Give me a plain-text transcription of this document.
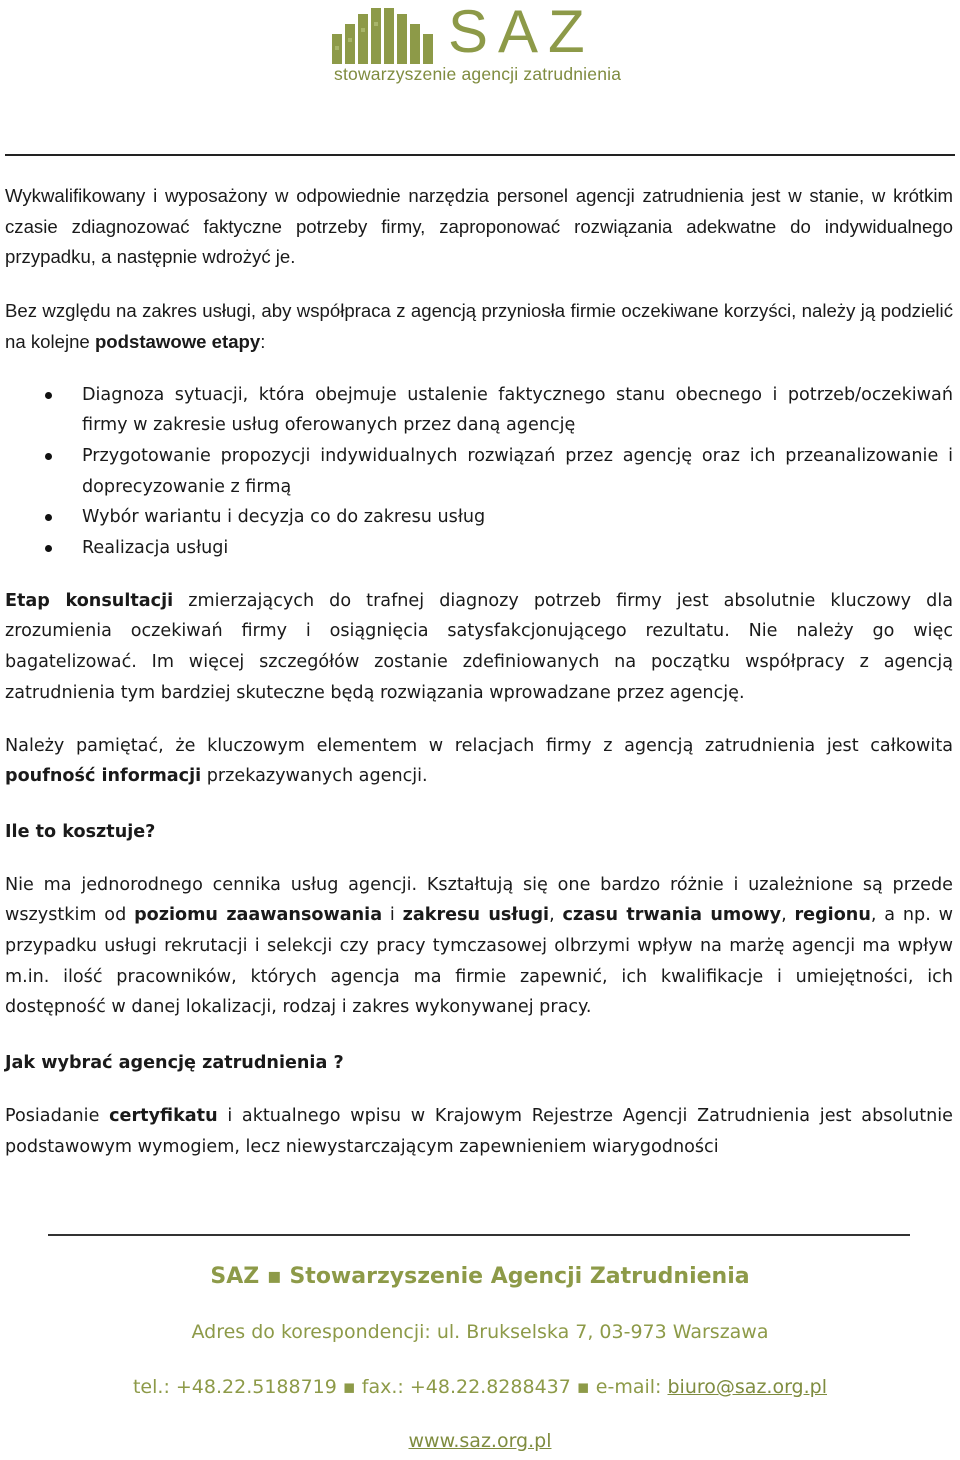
SAZ
stowarzyszenie agencji zatrudnienia

Wykwalifikowany i wyposażony w odpowiednie narzędzia personel agencji zatrudnienia jest w stanie, w krótkim czasie zdiagnozować faktyczne potrzeby firmy, zaproponować rozwiązania adekwatne do indywidualnego przypadku, a następnie wdrożyć je.

Bez względu na zakres usługi, aby współpraca z agencją przyniosła firmie oczekiwane korzyści, należy ją podzielić na kolejne podstawowe etapy:

Diagnoza sytuacji, która obejmuje ustalenie faktycznego stanu obecnego i potrzeb/oczekiwań firmy w zakresie usług oferowanych przez daną agencję
Przygotowanie propozycji indywidualnych rozwiązań przez agencję oraz ich przeanalizowanie i doprecyzowanie z firmą
Wybór wariantu i decyzja co do zakresu usług
Realizacja usługi

Etap konsultacji zmierzających do trafnej diagnozy potrzeb firmy jest absolutnie kluczowy dla zrozumienia oczekiwań firmy i osiągnięcia satysfakcjonującego rezultatu. Nie należy go więc bagatelizować. Im więcej szczegółów zostanie zdefiniowanych na początku współpracy z agencją zatrudnienia tym bardziej skuteczne będą rozwiązania wprowadzane przez agencję.

Należy pamiętać, że kluczowym elementem w relacjach firmy z agencją zatrudnienia jest całkowita poufność informacji przekazywanych agencji.

Ile to kosztuje?

Nie ma jednorodnego cennika usług agencji. Kształtują się one bardzo różnie i uzależnione są przede wszystkim od poziomu zaawansowania i zakresu usługi, czasu trwania umowy, regionu, a np. w przypadku usługi rekrutacji i selekcji czy pracy tymczasowej olbrzymi wpływ na marżę agencji ma wpływ m.in. ilość pracowników, których agencja ma firmie zapewnić, ich kwalifikacje i umiejętności, ich dostępność w danej lokalizacji, rodzaj i zakres wykonywanej pracy.

Jak wybrać agencję zatrudnienia ?

Posiadanie certyfikatu i aktualnego wpisu w Krajowym Rejestrze Agencji Zatrudnienia jest absolutnie podstawowym wymogiem, lecz niewystarczającym zapewnieniem wiarygodności

SAZ ▪ Stowarzyszenie Agencji Zatrudnienia
Adres do korespondencji: ul. Brukselska 7, 03-973 Warszawa
tel.: +48.22.5188719 ▪ fax.: +48.22.8288437 ▪ e-mail: biuro@saz.org.pl
www.saz.org.pl
